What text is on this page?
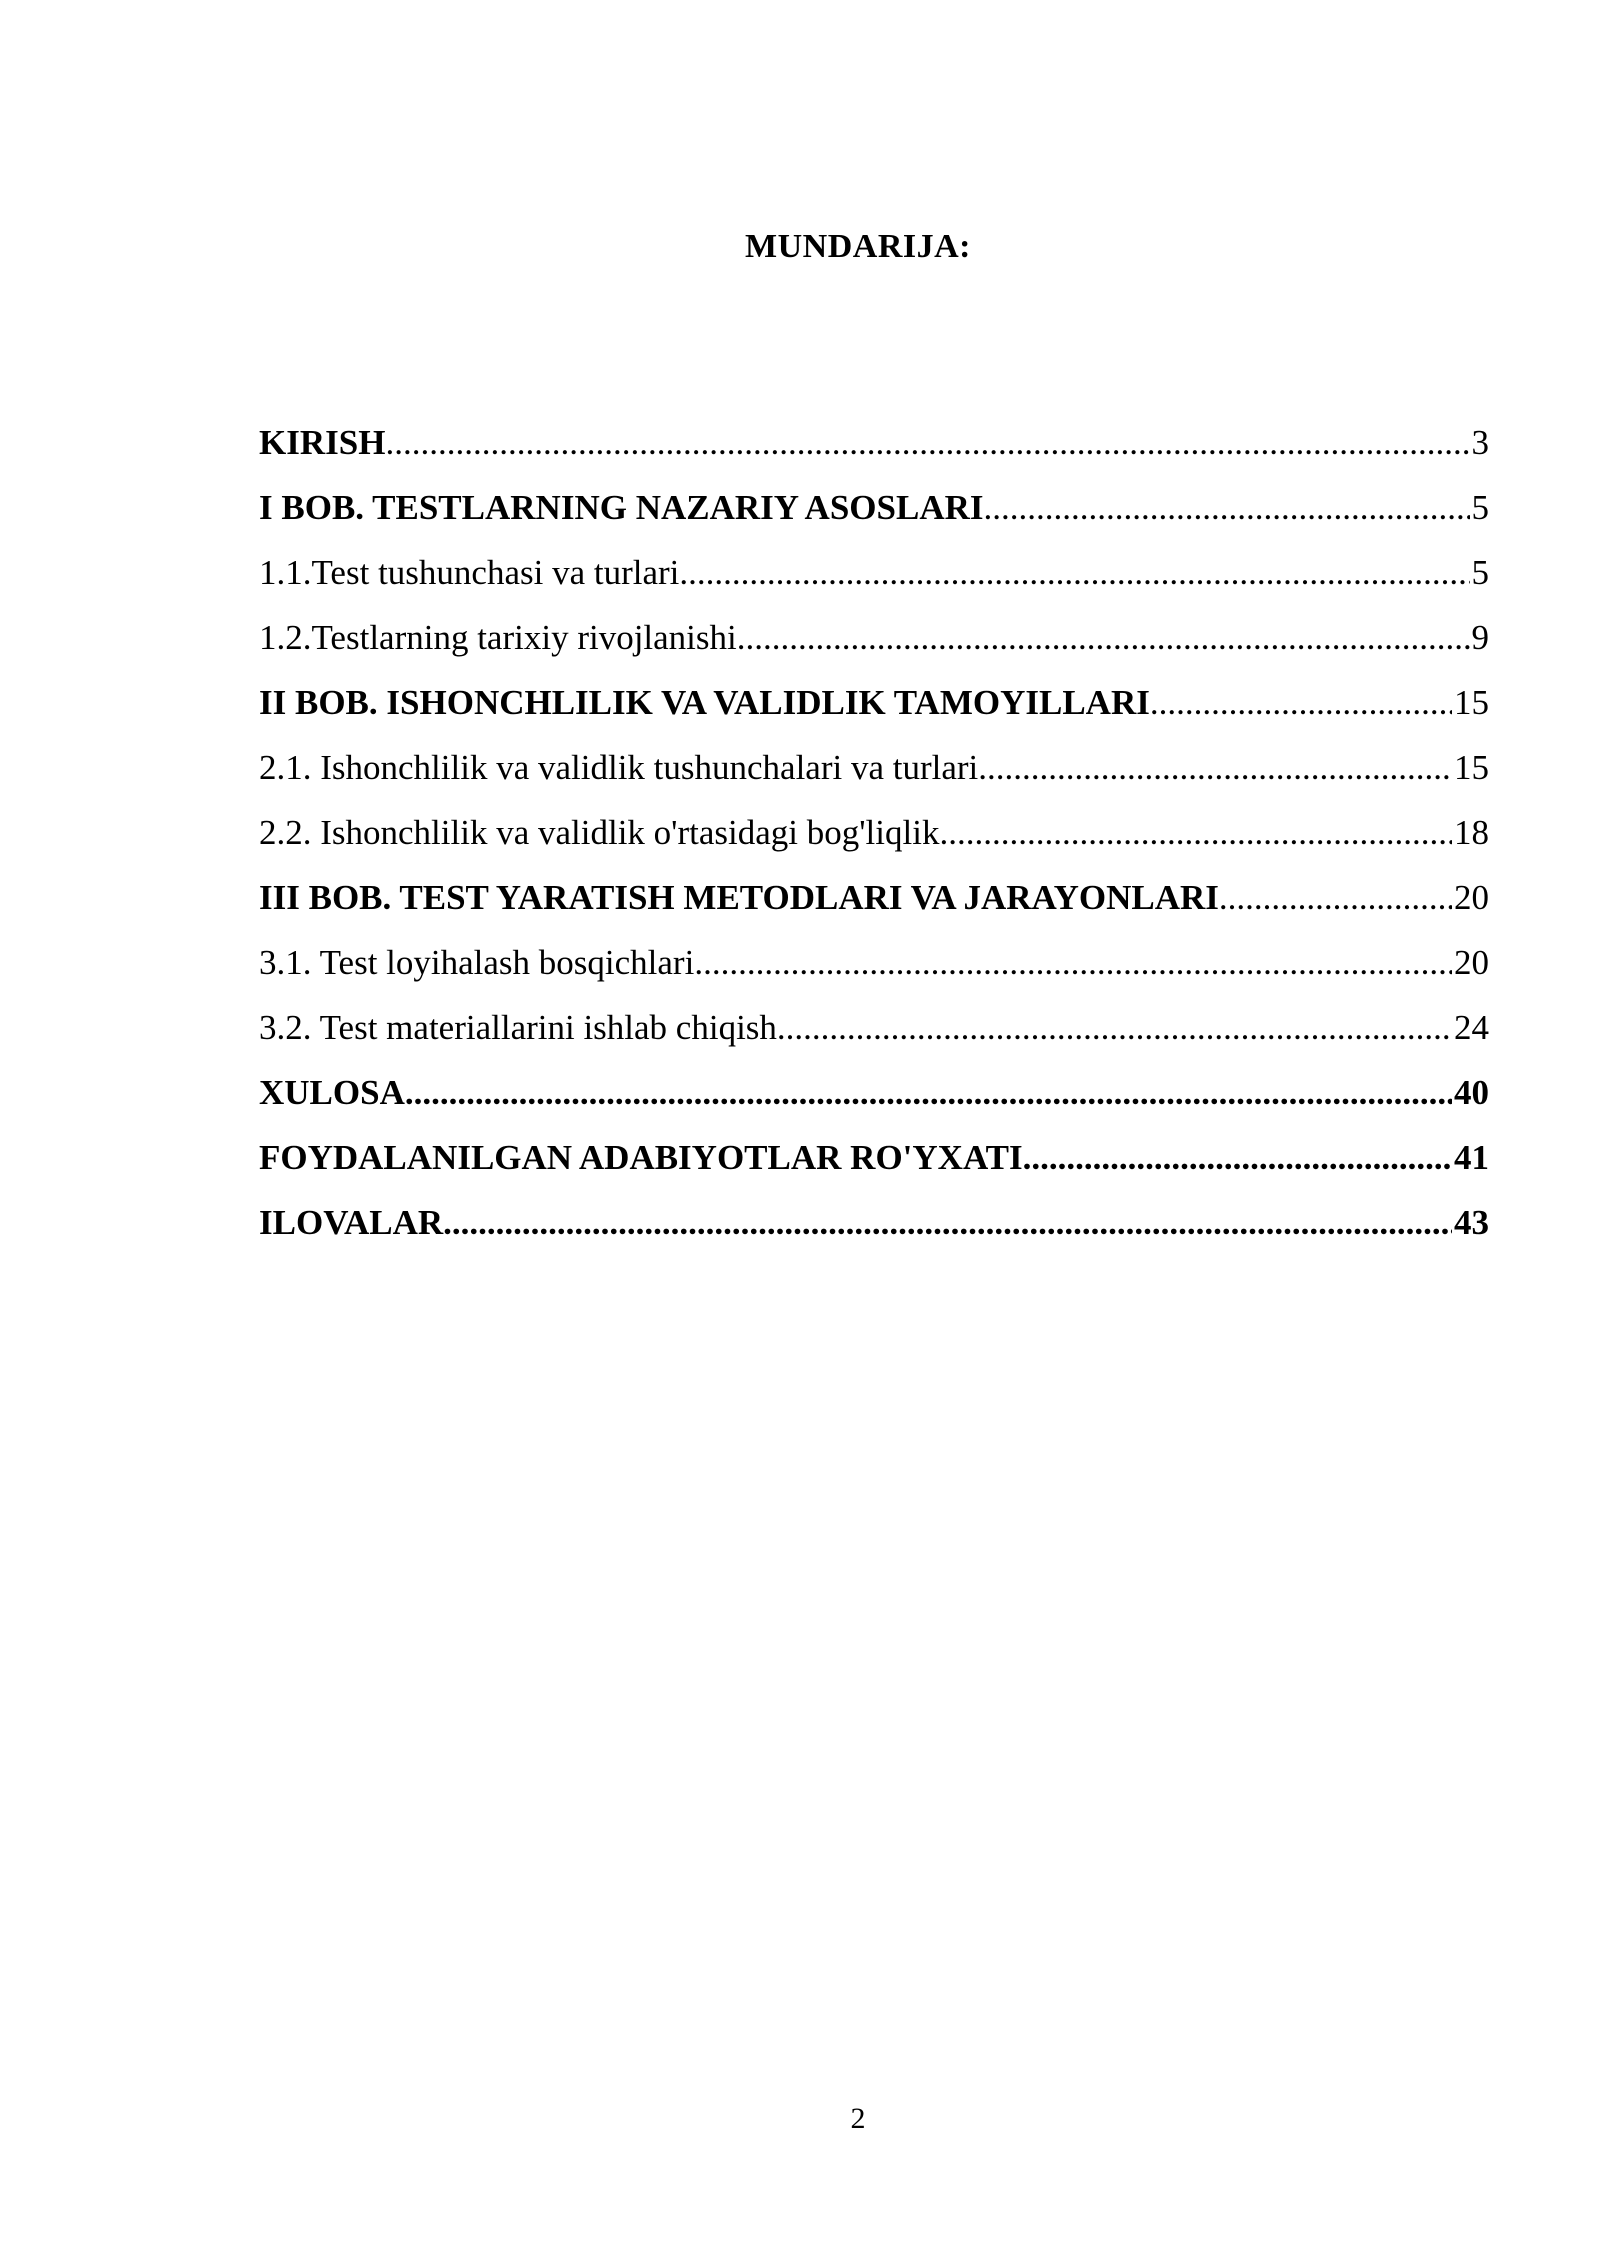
MUNDARIJA:
KIRISH .....	3
I BOB. TESTLARNING NAZARIY ASOSLARI .....	5
1.1.Test tushunchasi va turlari .....	5
1.2.Testlarning tarixiy rivojlanishi .....	9
II BOB. ISHONCHLILIK VA VALIDLIK TAMOYILLARI .....	15
2.1. Ishonchlilik va validlik tushunchalari va turlari .....	15
2.2. Ishonchlilik va validlik o'rtasidagi bog'liqlik .....	18
III BOB. TEST YARATISH METODLARI VA JARAYONLARI .....	20
3.1. Test loyihalash bosqichlari .....	20
3.2. Test materiallarini ishlab chiqish .....	24
XULOSA .....	40
FOYDALANILGAN ADABIYOTLAR RO'YXATI .....	41
ILOVALAR .....	43
2
